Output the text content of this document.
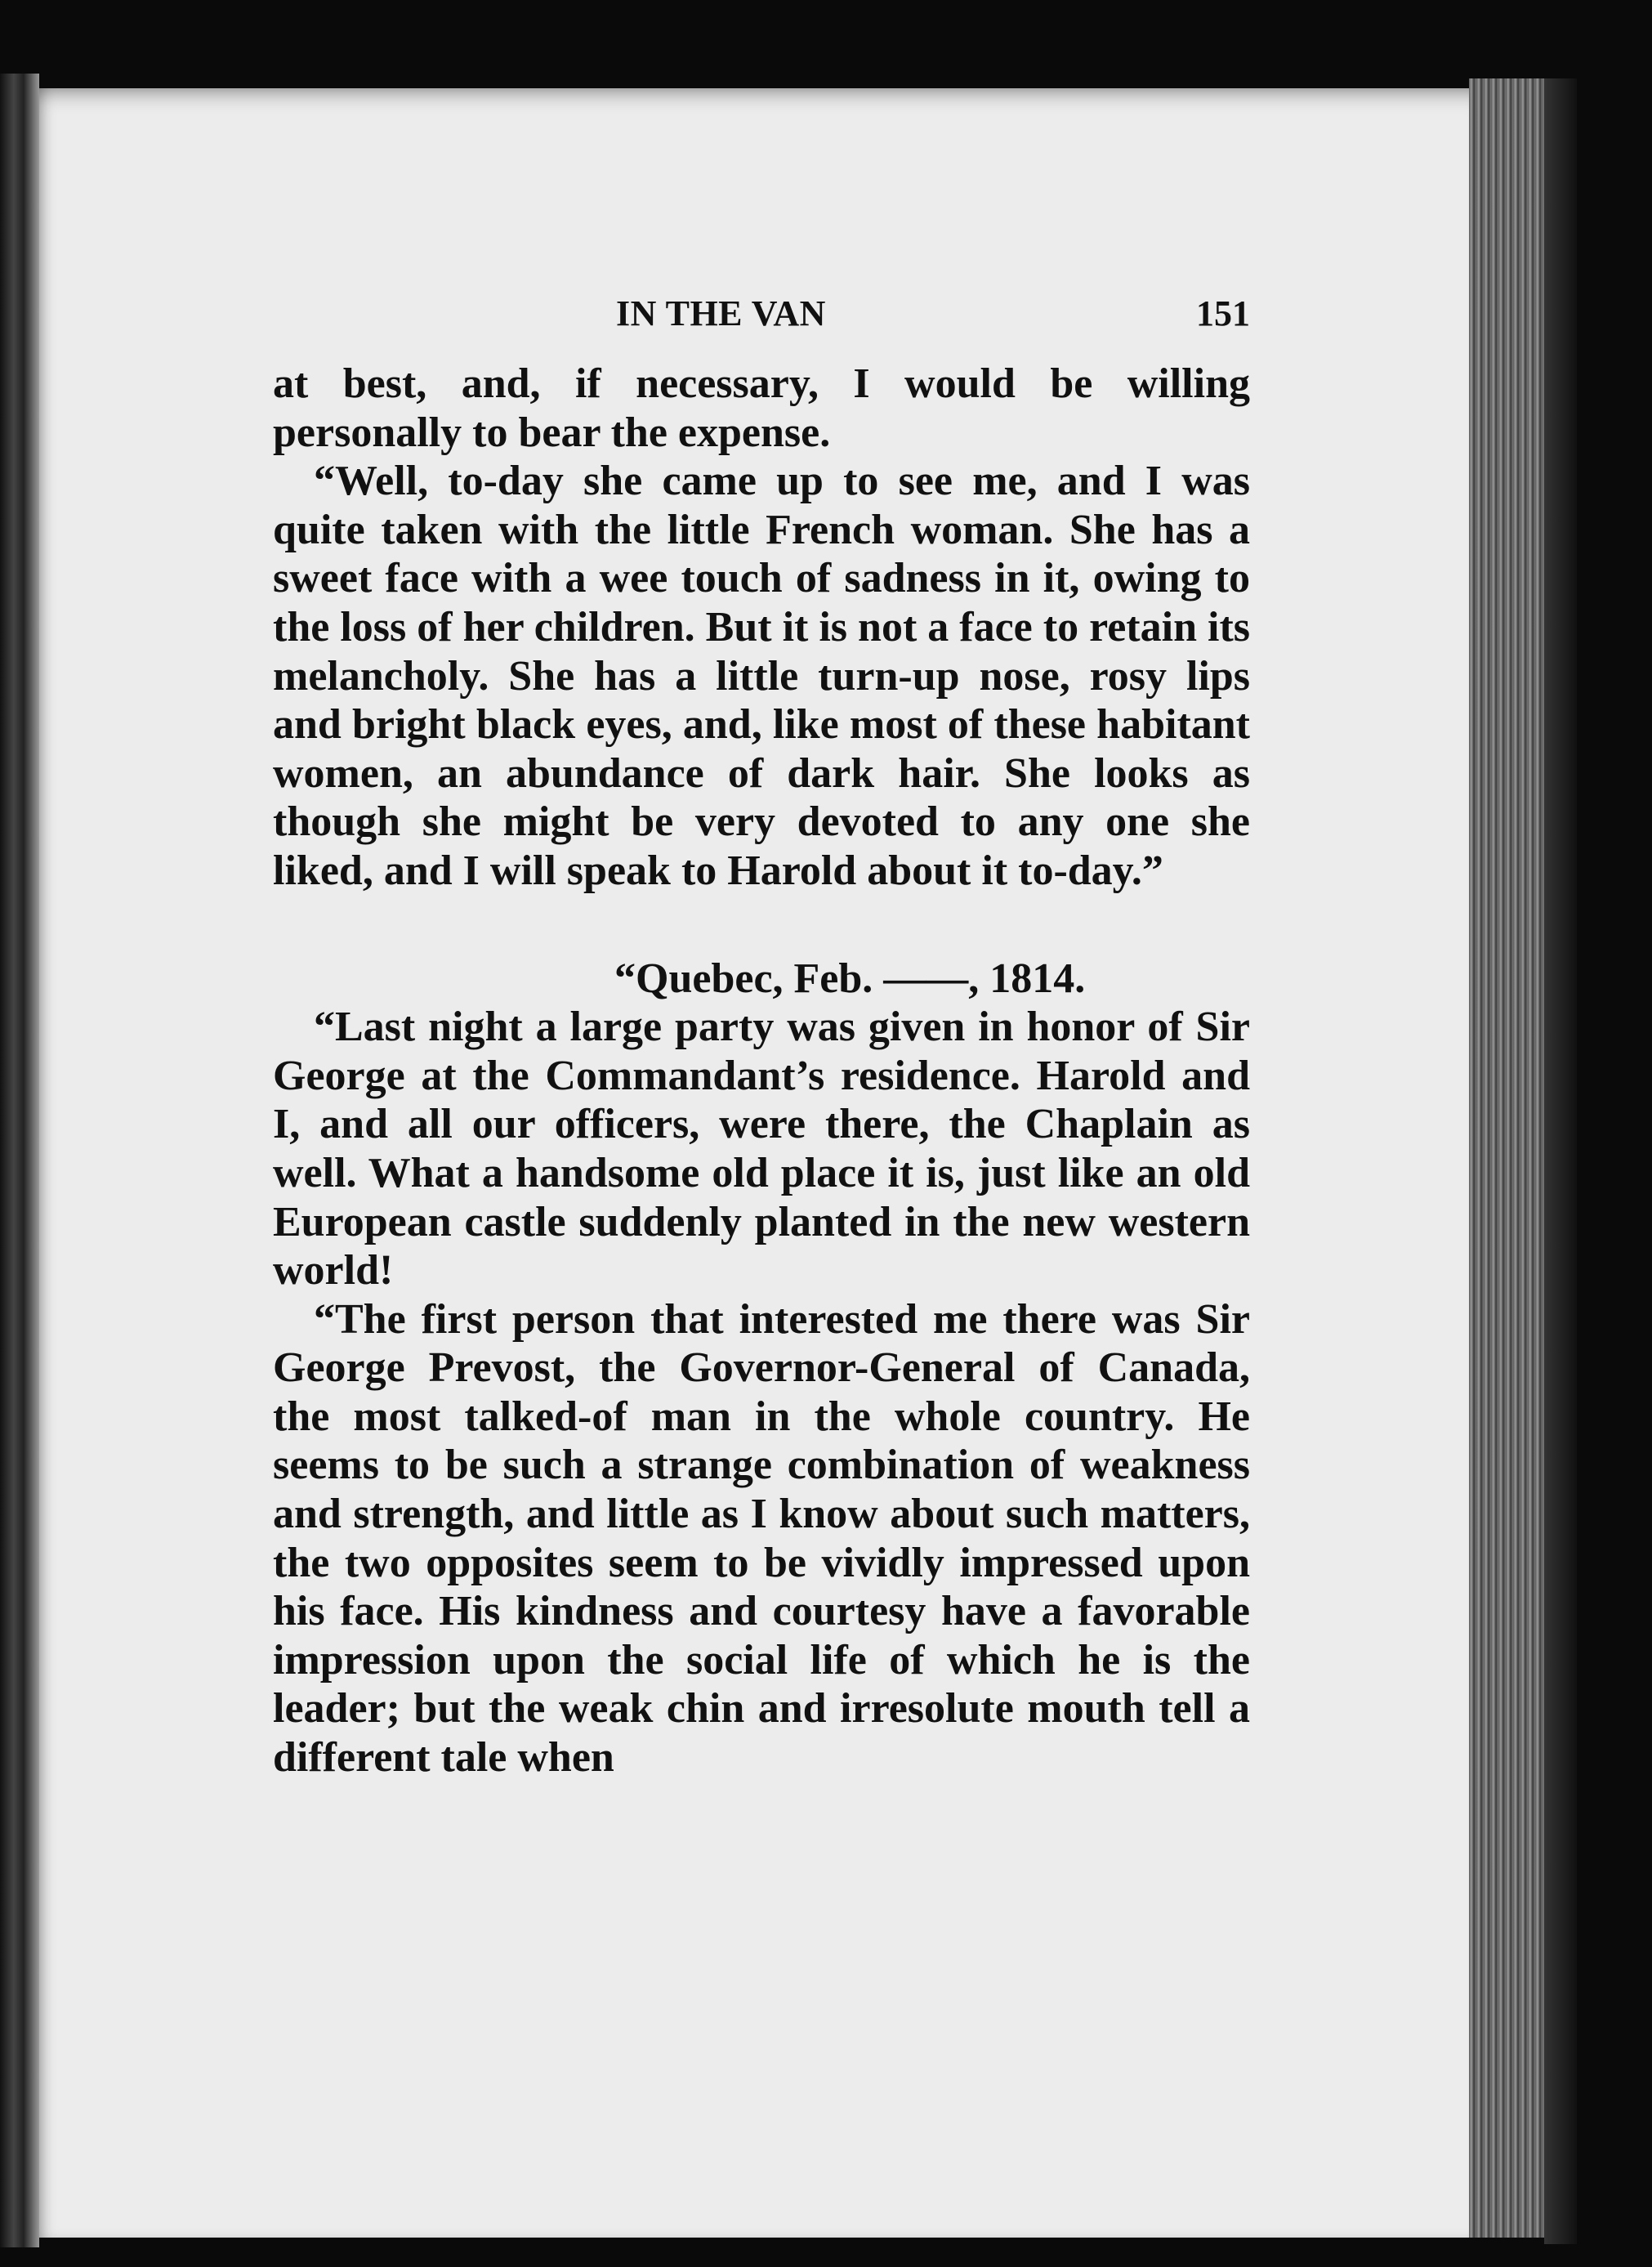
IN THE VAN	151

at best, and, if necessary, I would be willing personally to bear the expense.

“Well, to-day she came up to see me, and I was quite taken with the little French woman. She has a sweet face with a wee touch of sadness in it, owing to the loss of her children. But it is not a face to retain its melancholy. She has a little turn-up nose, rosy lips and bright black eyes, and, like most of these habitant women, an abundance of dark hair. She looks as though she might be very devoted to any one she liked, and I will speak to Harold about it to-day.”

“Quebec, Feb. ——, 1814.

“Last night a large party was given in honor of Sir George at the Commandant’s residence. Harold and I, and all our officers, were there, the Chaplain as well. What a handsome old place it is, just like an old European castle suddenly planted in the new western world!

“The first person that interested me there was Sir George Prevost, the Governor-General of Canada, the most talked-of man in the whole country. He seems to be such a strange combination of weakness and strength, and little as I know about such matters, the two opposites seem to be vividly impressed upon his face. His kindness and courtesy have a favorable impression upon the social life of which he is the leader; but the weak chin and irresolute mouth tell a different tale when
